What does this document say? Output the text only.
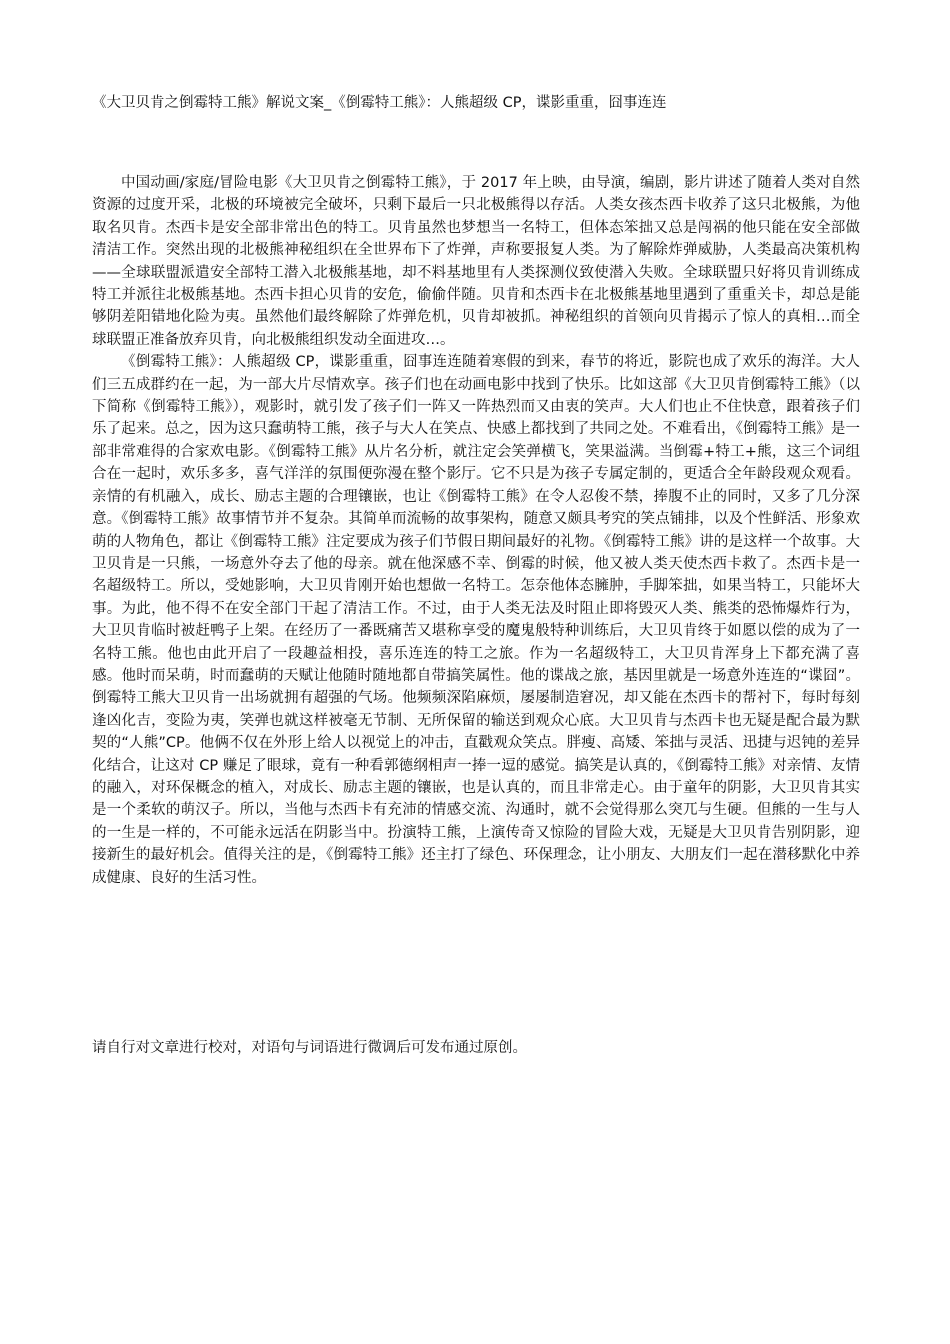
《大卫贝肯之倒霉特工熊》解说文案_《倒霉特工熊》：人熊超级 CP，谍影重重，囧事连连

中国动画/家庭/冒险电影《大卫贝肯之倒霉特工熊》，于 2017 年上映，由导演，编剧，影片讲述了随着人类对自然资源的过度开采，北极的环境被完全破坏，只剩下最后一只北极熊得以存活。人类女孩杰西卡收养了这只北极熊，为他取名贝肯。杰西卡是安全部非常出色的特工。贝肯虽然也梦想当一名特工，但体态笨拙又总是闯祸的他只能在安全部做清洁工作。突然出现的北极熊神秘组织在全世界布下了炸弹，声称要报复人类。为了解除炸弹威胁，人类最高决策机构——全球联盟派遣安全部特工潜入北极熊基地，却不料基地里有人类探测仪致使潜入失败。全球联盟只好将贝肯训练成特工并派往北极熊基地。杰西卡担心贝肯的安危，偷偷伴随。贝肯和杰西卡在北极熊基地里遇到了重重关卡，却总是能够阴差阳错地化险为夷。虽然他们最终解除了炸弹危机，贝肯却被抓。神秘组织的首领向贝肯揭示了惊人的真相…而全球联盟正准备放弃贝肯，向北极熊组织发动全面进攻…。

《倒霉特工熊》：人熊超级 CP，谍影重重，囧事连连随着寒假的到来，春节的将近，影院也成了欢乐的海洋。大人们三五成群约在一起，为一部大片尽情欢享。孩子们也在动画电影中找到了快乐。比如这部《大卫贝肯倒霉特工熊》（以下简称《倒霉特工熊》），观影时，就引发了孩子们一阵又一阵热烈而又由衷的笑声。大人们也止不住快意，跟着孩子们乐了起来。总之，因为这只蠢萌特工熊，孩子与大人在笑点、快感上都找到了共同之处。不难看出，《倒霉特工熊》是一部非常难得的合家欢电影。《倒霉特工熊》从片名分析，就注定会笑弹横飞，笑果溢满。当倒霉+特工+熊，这三个词组合在一起时，欢乐多多，喜气洋洋的氛围便弥漫在整个影厅。它不只是为孩子专属定制的，更适合全年龄段观众观看。亲情的有机融入，成长、励志主题的合理镶嵌，也让《倒霉特工熊》在令人忍俊不禁，捧腹不止的同时，又多了几分深意。《倒霉特工熊》故事情节并不复杂。其简单而流畅的故事架构，随意又颇具考究的笑点铺排，以及个性鲜活、形象欢萌的人物角色，都让《倒霉特工熊》注定要成为孩子们节假日期间最好的礼物。《倒霉特工熊》讲的是这样一个故事。大卫贝肯是一只熊，一场意外夺去了他的母亲。就在他深感不幸、倒霉的时候，他又被人类天使杰西卡救了。杰西卡是一名超级特工。所以，受她影响，大卫贝肯刚开始也想做一名特工。怎奈他体态臃肿，手脚笨拙，如果当特工，只能坏大事。为此，他不得不在安全部门干起了清洁工作。不过，由于人类无法及时阻止即将毁灭人类、熊类的恐怖爆炸行为，大卫贝肯临时被赶鸭子上架。在经历了一番既痛苦又堪称享受的魔鬼般特种训练后，大卫贝肯终于如愿以偿的成为了一名特工熊。他也由此开启了一段趣益相投，喜乐连连的特工之旅。作为一名超级特工，大卫贝肯浑身上下都充满了喜感。他时而呆萌，时而蠢萌的天赋让他随时随地都自带搞笑属性。他的谍战之旅，基因里就是一场意外连连的“谍囧”。倒霉特工熊大卫贝肯一出场就拥有超强的气场。他频频深陷麻烦，屡屡制造窘况，却又能在杰西卡的帮衬下，每时每刻逢凶化吉，变险为夷，笑弹也就这样被毫无节制、无所保留的输送到观众心底。大卫贝肯与杰西卡也无疑是配合最为默契的“人熊”CP。他俩不仅在外形上给人以视觉上的冲击，直戳观众笑点。胖瘦、高矮、笨拙与灵活、迅捷与迟钝的差异化结合，让这对 CP 赚足了眼球，竟有一种看郭德纲相声一捧一逗的感觉。搞笑是认真的，《倒霉特工熊》对亲情、友情的融入，对环保概念的植入，对成长、励志主题的镶嵌，也是认真的，而且非常走心。由于童年的阴影，大卫贝肯其实是一个柔软的萌汉子。所以，当他与杰西卡有充沛的情感交流、沟通时，就不会觉得那么突兀与生硬。但熊的一生与人的一生是一样的，不可能永远活在阴影当中。扮演特工熊，上演传奇又惊险的冒险大戏，无疑是大卫贝肯告别阴影，迎接新生的最好机会。值得关注的是，《倒霉特工熊》还主打了绿色、环保理念，让小朋友、大朋友们一起在潜移默化中养成健康、良好的生活习性。

请自行对文章进行校对，对语句与词语进行微调后可发布通过原创。
